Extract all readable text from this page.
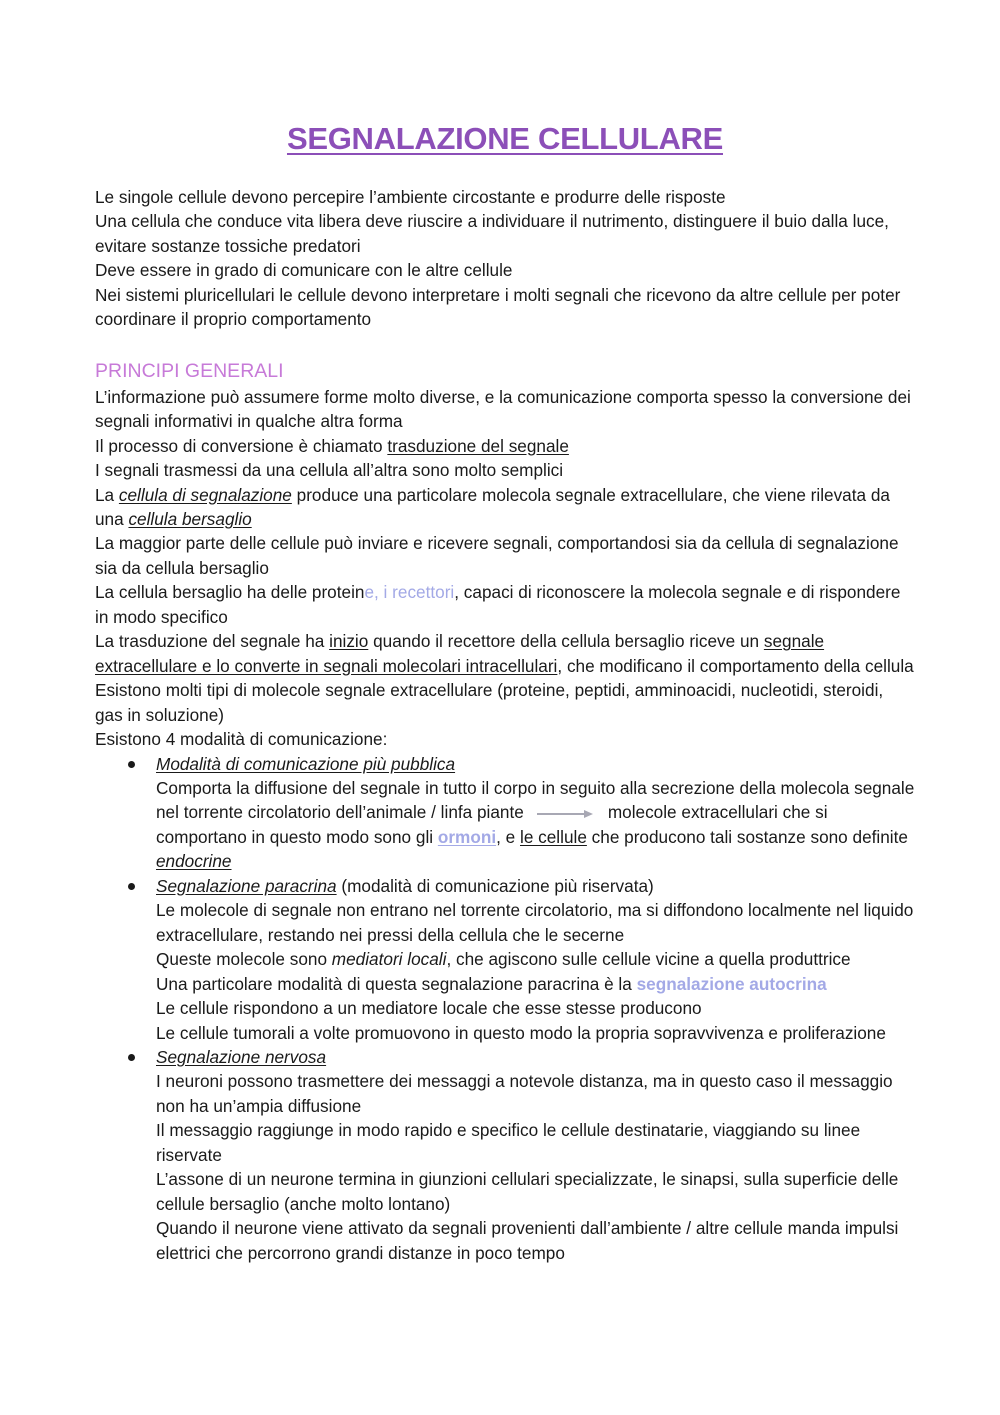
SEGNALAZIONE CELLULARE

Le singole cellule devono percepire l’ambiente circostante e produrre delle risposte

Una cellula che conduce vita libera deve riuscire a individuare il nutrimento, distinguere il buio dalla luce, evitare sostanze tossiche predatori

Deve essere in grado di comunicare con le altre cellule

Nei sistemi pluricellulari le cellule devono interpretare i molti segnali che ricevono da altre cellule per poter coordinare il proprio comportamento

PRINCIPI GENERALI

L’informazione può assumere forme molto diverse, e la comunicazione comporta spesso la conversione dei segnali informativi in qualche altra forma

Il processo di conversione è chiamato trasduzione del segnale

I segnali trasmessi da una cellula all’altra sono molto semplici

La cellula di segnalazione produce una particolare molecola segnale extracellulare, che viene rilevata da una cellula bersaglio

La maggior parte delle cellule può inviare e ricevere segnali, comportandosi sia da cellula di segnalazione sia da cellula bersaglio

La cellula bersaglio ha delle proteine, i recettori, capaci di riconoscere la molecola segnale e di rispondere in modo specifico

La trasduzione del segnale ha inizio quando il recettore della cellula bersaglio riceve un segnale extracellulare e lo converte in segnali molecolari intracellulari, che modificano il comportamento della cellula

Esistono molti tipi di molecole segnale extracellulare (proteine, peptidi, amminoacidi, nucleotidi, steroidi, gas in soluzione)

Esistono 4 modalità di comunicazione:

Modalità di comunicazione più pubblica

Comporta la diffusione del segnale in tutto il corpo in seguito alla secrezione della molecola segnale nel torrente circolatorio dell’animale / linfa piante	molecole extracellulari che si comportano in questo modo sono gli ormoni, e le cellule che producono tali sostanze sono definite endocrine

Segnalazione paracrina (modalità di comunicazione più riservata)

Le molecole di segnale non entrano nel torrente circolatorio, ma si diffondono localmente nel liquido extracellulare, restando nei pressi della cellula che le secerne

Queste molecole sono mediatori locali, che agiscono sulle cellule vicine a quella produttrice

Una particolare modalità di questa segnalazione paracrina è la segnalazione autocrina

Le cellule rispondono a un mediatore locale che esse stesse producono

Le cellule tumorali a volte promuovono in questo modo la propria sopravvivenza e proliferazione

Segnalazione nervosa

I neuroni possono trasmettere dei messaggi a notevole distanza, ma in questo caso il messaggio non ha un’ampia diffusione

Il messaggio raggiunge in modo rapido e specifico le cellule destinatarie, viaggiando su linee riservate

L’assone di un neurone termina in giunzioni cellulari specializzate, le sinapsi, sulla superficie delle cellule bersaglio (anche molto lontano)

Quando il neurone viene attivato da segnali provenienti dall’ambiente / altre cellule manda impulsi elettrici che percorrono grandi distanze in poco tempo
